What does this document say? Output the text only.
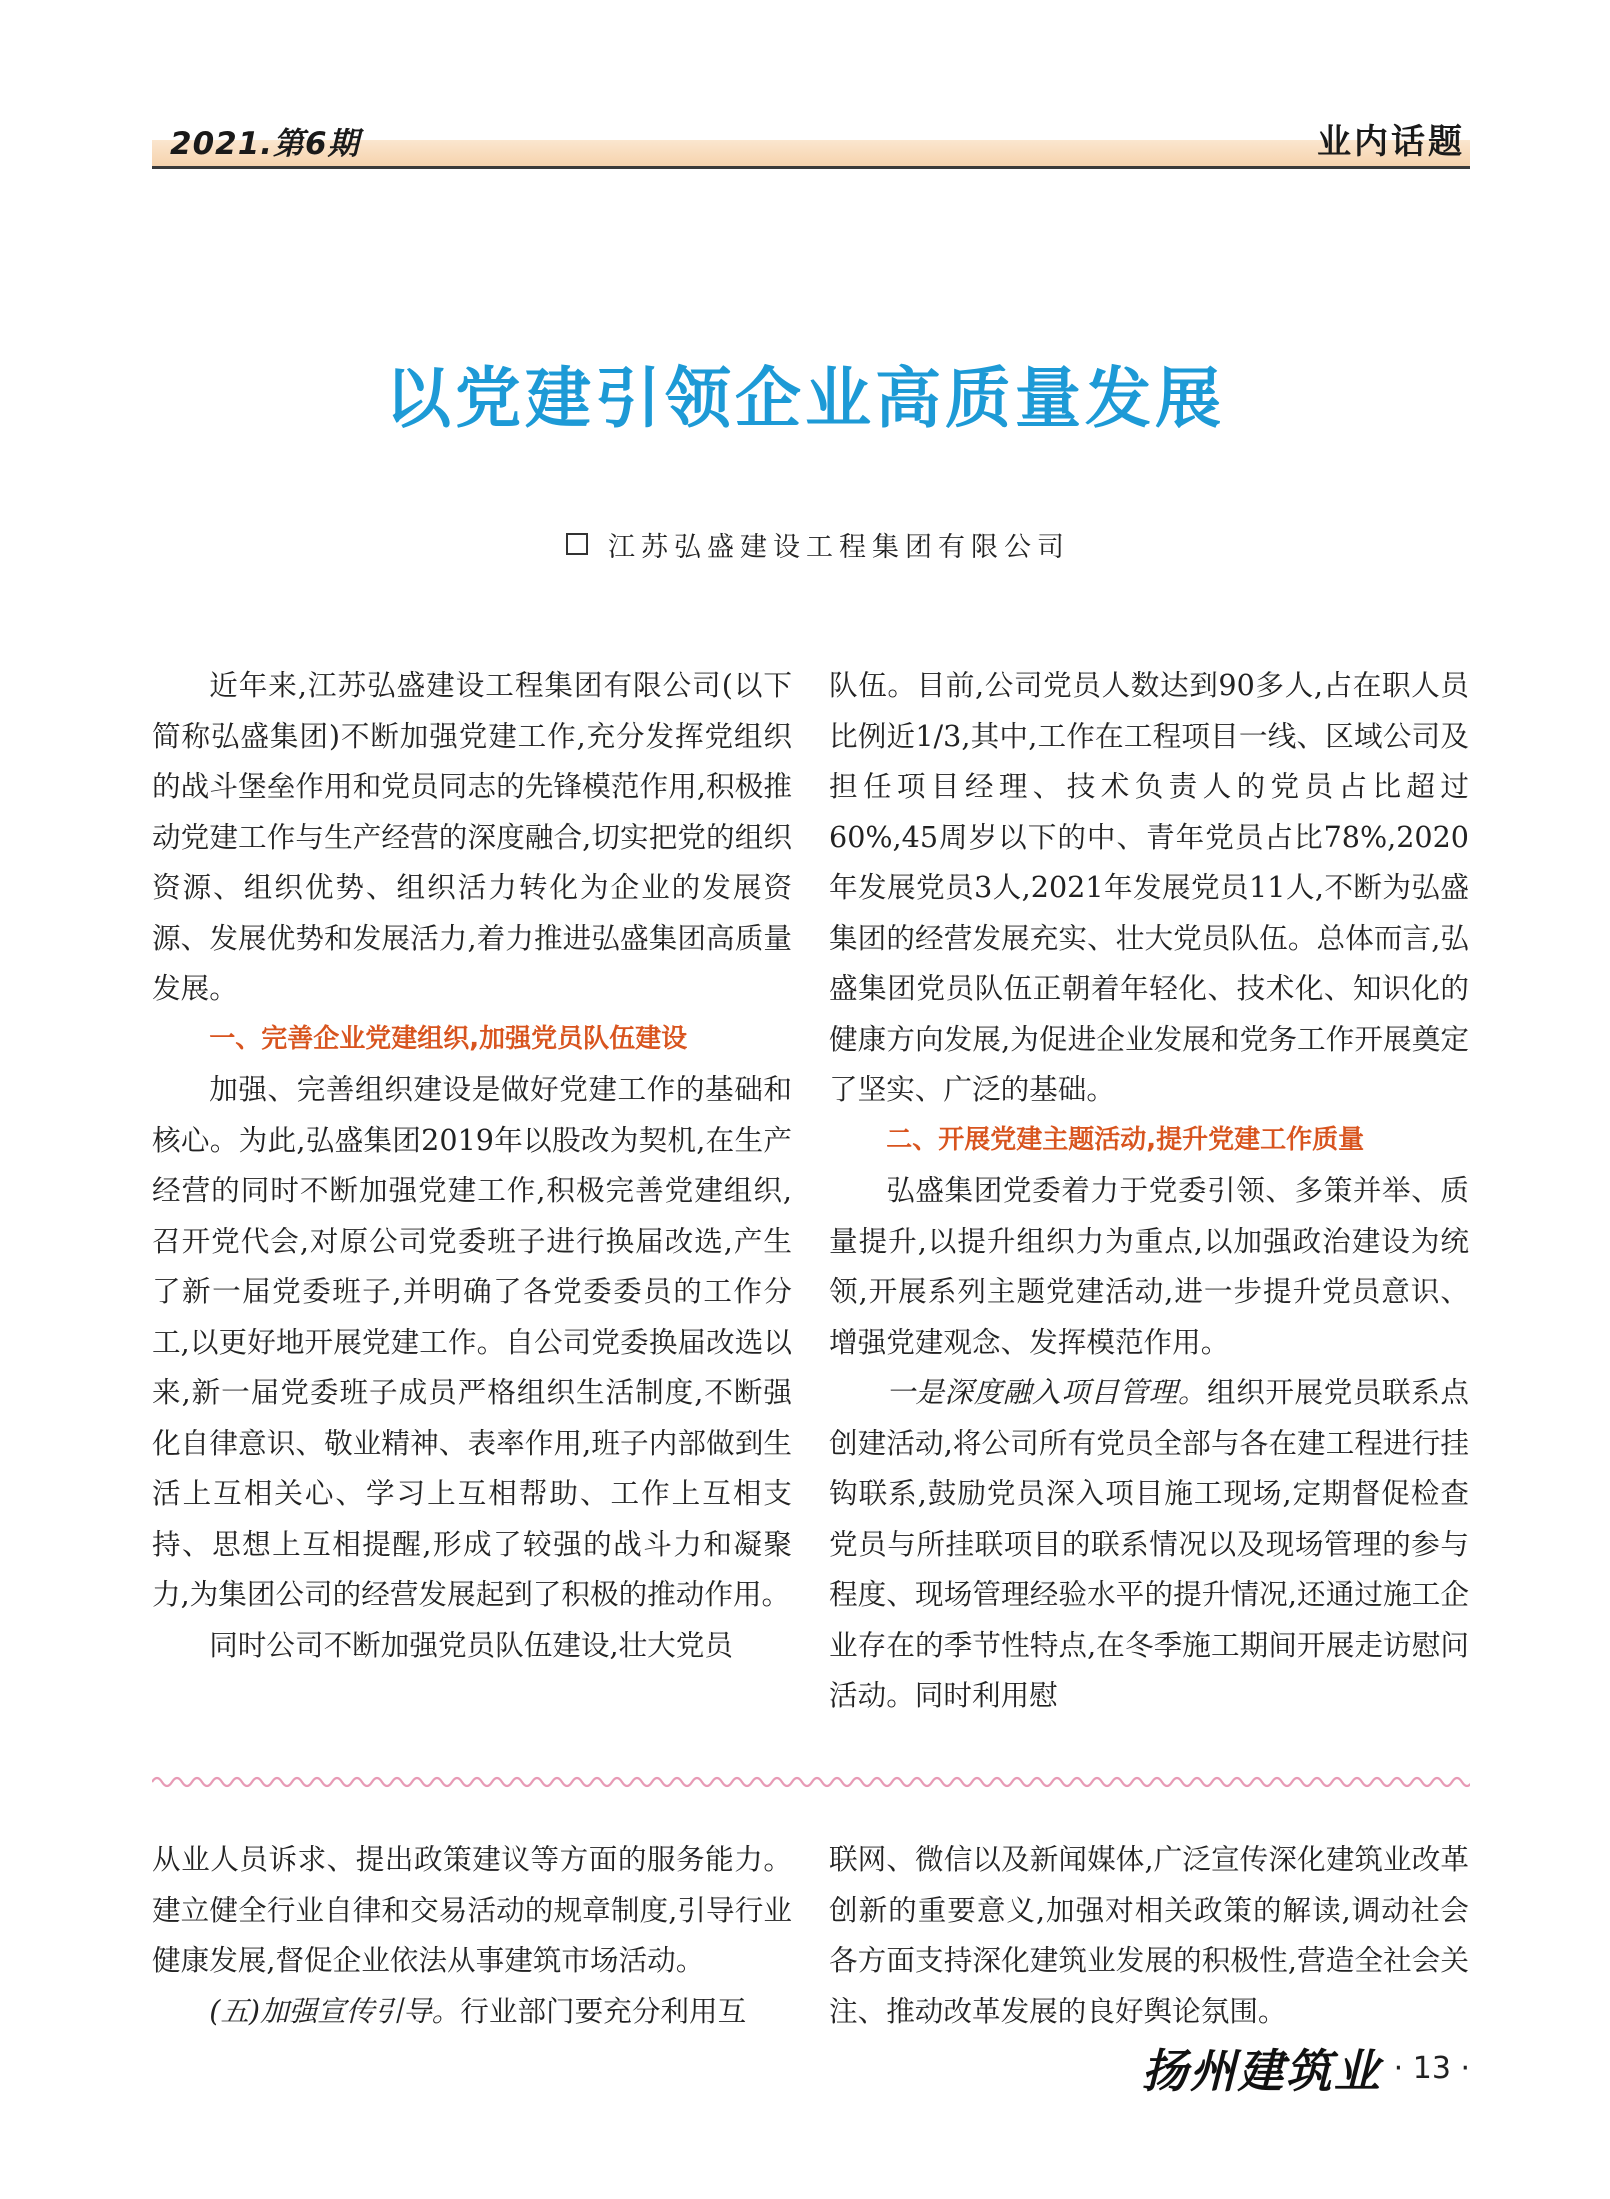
2021.第6期	业内话题
以党建引领企业高质量发展
江苏弘盛建设工程集团有限公司

近年来,江苏弘盛建设工程集团有限公司(以下简称弘盛集团)不断加强党建工作,充分发挥党组织的战斗堡垒作用和党员同志的先锋模范作用,积极推动党建工作与生产经营的深度融合,切实把党的组织资源、组织优势、组织活力转化为企业的发展资源、发展优势和发展活力,着力推进弘盛集团高质量发展。

一、完善企业党建组织,加强党员队伍建设

加强、完善组织建设是做好党建工作的基础和核心。为此,弘盛集团2019年以股改为契机,在生产经营的同时不断加强党建工作,积极完善党建组织,召开党代会,对原公司党委班子进行换届改选,产生了新一届党委班子,并明确了各党委委员的工作分工,以更好地开展党建工作。自公司党委换届改选以来,新一届党委班子成员严格组织生活制度,不断强化自律意识、敬业精神、表率作用,班子内部做到生活上互相关心、学习上互相帮助、工作上互相支持、思想上互相提醒,形成了较强的战斗力和凝聚力,为集团公司的经营发展起到了积极的推动作用。

同时公司不断加强党员队伍建设,壮大党员

队伍。目前,公司党员人数达到90多人,占在职人员比例近1/3,其中,工作在工程项目一线、区域公司及担任项目经理、技术负责人的党员占比超过60%,45周岁以下的中、青年党员占比78%,2020年发展党员3人,2021年发展党员11人,不断为弘盛集团的经营发展充实、壮大党员队伍。总体而言,弘盛集团党员队伍正朝着年轻化、技术化、知识化的健康方向发展,为促进企业发展和党务工作开展奠定了坚实、广泛的基础。

二、开展党建主题活动,提升党建工作质量

弘盛集团党委着力于党委引领、多策并举、质量提升,以提升组织力为重点,以加强政治建设为统领,开展系列主题党建活动,进一步提升党员意识、增强党建观念、发挥模范作用。

一是深度融入项目管理。组织开展党员联系点创建活动,将公司所有党员全部与各在建工程进行挂钩联系,鼓励党员深入项目施工现场,定期督促检查党员与所挂联项目的联系情况以及现场管理的参与程度、现场管理经验水平的提升情况,还通过施工企业存在的季节性特点,在冬季施工期间开展走访慰问活动。同时利用慰

从业人员诉求、提出政策建议等方面的服务能力。建立健全行业自律和交易活动的规章制度,引导行业健康发展,督促企业依法从事建筑市场活动。

(五)加强宣传引导。行业部门要充分利用互

联网、微信以及新闻媒体,广泛宣传深化建筑业改革创新的重要意义,加强对相关政策的解读,调动社会各方面支持深化建筑业发展的积极性,营造全社会关注、推动改革发展的良好舆论氛围。

扬州建筑业 · 13 ·
